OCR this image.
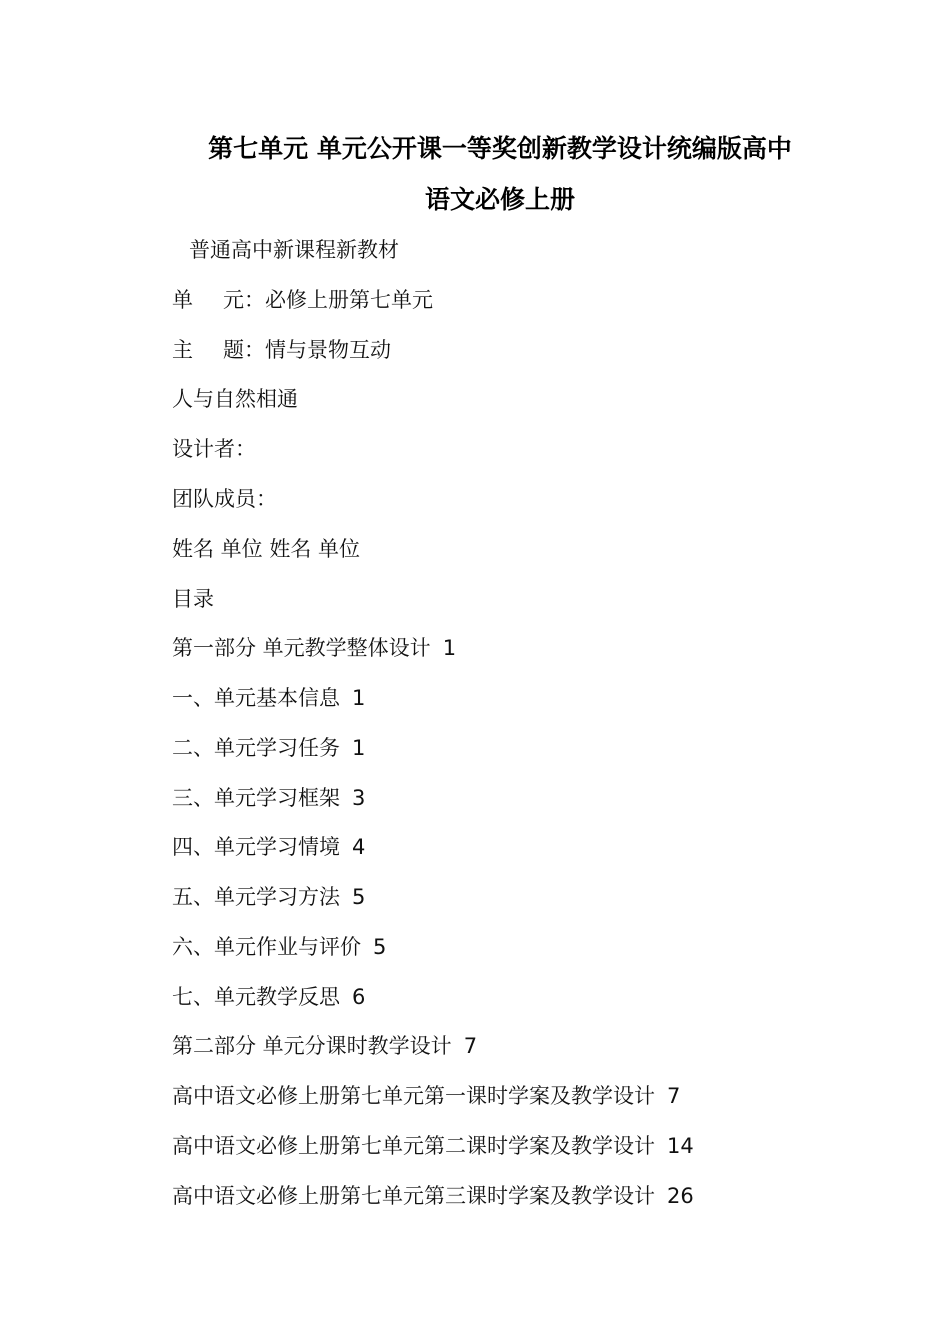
第七单元 单元公开课一等奖创新教学设计统编版高中
语文必修上册
普通高中新课程新教材
单 元：必修上册第七单元
主 题：情与景物互动
人与自然相通
设计者：
团队成员：
姓名 单位 姓名 单位
目录
第一部分 单元教学整体设计 1
一、单元基本信息 1
二、单元学习任务 1
三、单元学习框架 3
四、单元学习情境 4
五、单元学习方法 5
六、单元作业与评价 5
七、单元教学反思 6
第二部分 单元分课时教学设计 7
高中语文必修上册第七单元第一课时学案及教学设计 7
高中语文必修上册第七单元第二课时学案及教学设计 14
高中语文必修上册第七单元第三课时学案及教学设计 26
